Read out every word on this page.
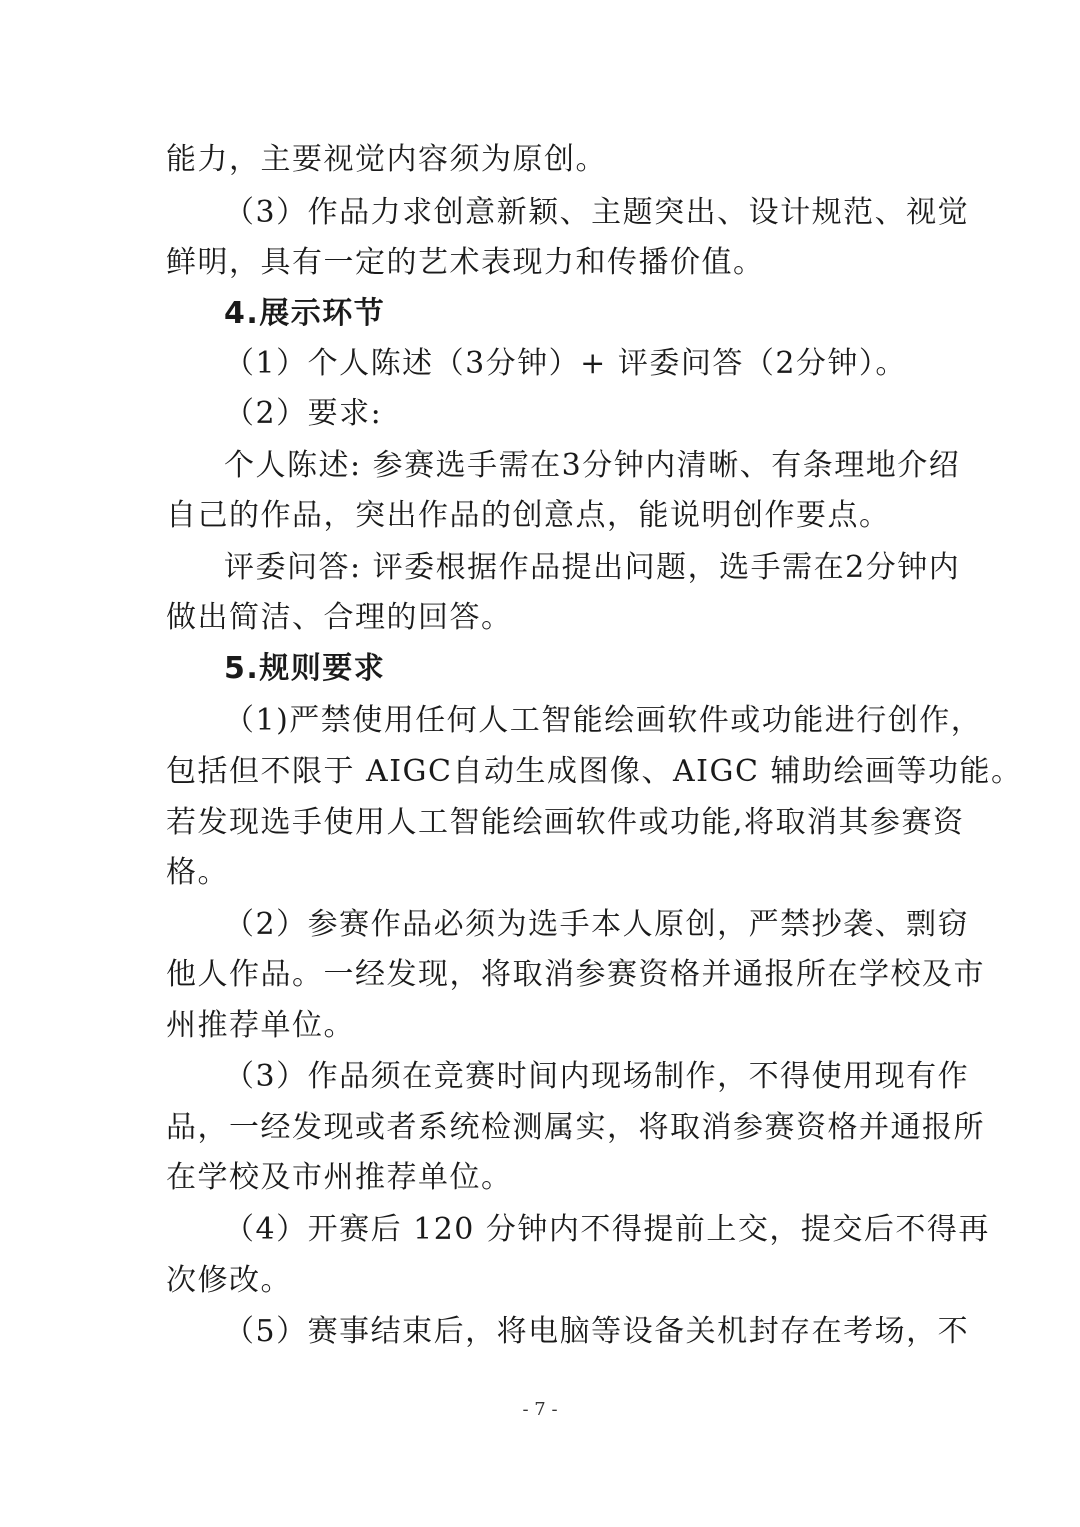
能力，主要视觉内容须为原创。
（3）作品力求创意新颖、主题突出、设计规范、视觉
鲜明，具有一定的艺术表现力和传播价值。
4.展示环节
（1）个人陈述（3分钟）+ 评委问答（2分钟）。
（2）要求:
个人陈述: 参赛选手需在3分钟内清晰、有条理地介绍
自己的作品，突出作品的创意点，能说明创作要点。
评委问答: 评委根据作品提出问题，选手需在2分钟内
做出简洁、合理的回答。
5.规则要求
（1)严禁使用任何人工智能绘画软件或功能进行创作，
包括但不限于 AIGC自动生成图像、AIGC 辅助绘画等功能。
若发现选手使用人工智能绘画软件或功能,将取消其参赛资
格。
（2）参赛作品必须为选手本人原创，严禁抄袭、剽窃
他人作品。一经发现，将取消参赛资格并通报所在学校及市
州推荐单位。
（3）作品须在竞赛时间内现场制作，不得使用现有作
品，一经发现或者系统检测属实，将取消参赛资格并通报所
在学校及市州推荐单位。
（4）开赛后 120 分钟内不得提前上交，提交后不得再
次修改。
（5）赛事结束后，将电脑等设备关机封存在考场，不
- 7 -
